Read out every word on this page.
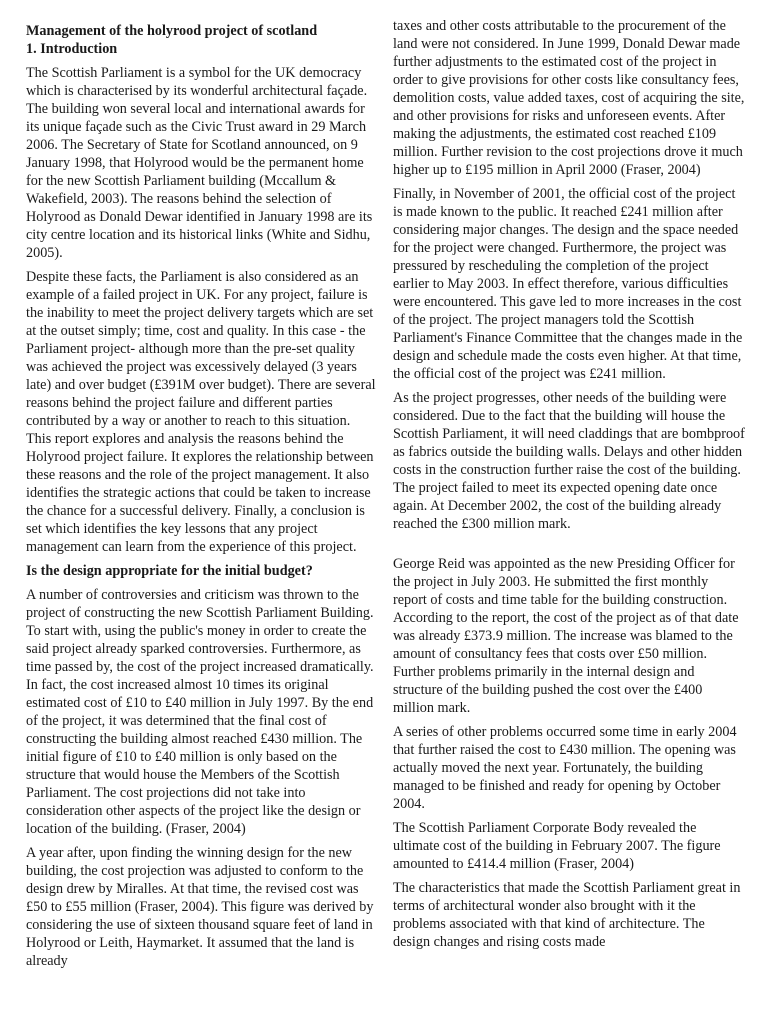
Management of the holyrood project of scotland

1. Introduction

The Scottish Parliament is a symbol for the UK democracy which is characterised by its wonderful architectural façade. The building won several local and international awards for its unique façade such as the Civic Trust award in 29 March 2006. The Secretary of State for Scotland announced, on 9 January 1998, that Holyrood would be the permanent home for the new Scottish Parliament building (Mccallum & Wakefield, 2003). The reasons behind the selection of Holyrood as Donald Dewar identified in January 1998 are its city centre location and its historical links (White and Sidhu, 2005).

Despite these facts, the Parliament is also considered as an example of a failed project in UK. For any project, failure is the inability to meet the project delivery targets which are set at the outset simply; time, cost and quality. In this case - the Parliament project- although more than the pre-set quality was achieved the project was excessively delayed (3 years late) and over budget (£391M over budget). There are several reasons behind the project failure and different parties contributed by a way or another to reach to this situation. This report explores and analysis the reasons behind the Holyrood project failure. It explores the relationship between these reasons and the role of the project management. It also identifies the strategic actions that could be taken to increase the chance for a successful delivery. Finally, a conclusion is set which identifies the key lessons that any project management can learn from the experience of this project.

Is the design appropriate for the initial budget?

A number of controversies and criticism was thrown to the project of constructing the new Scottish Parliament Building. To start with, using the public's money in order to create the said project already sparked controversies. Furthermore, as time passed by, the cost of the project increased dramatically. In fact, the cost increased almost 10 times its original estimated cost of £10 to £40 million in July 1997. By the end of the project, it was determined that the final cost of constructing the building almost reached £430 million. The initial figure of £10 to £40 million is only based on the structure that would house the Members of the Scottish Parliament. The cost projections did not take into consideration other aspects of the project like the design or location of the building. (Fraser, 2004)

A year after, upon finding the winning design for the new building, the cost projection was adjusted to conform to the design drew by Miralles. At that time, the revised cost was £50 to £55 million (Fraser, 2004). This figure was derived by considering the use of sixteen thousand square feet of land in Holyrood or Leith, Haymarket. It assumed that the land is already

taxes and other costs attributable to the procurement of the land were not considered. In June 1999, Donald Dewar made further adjustments to the estimated cost of the project in order to give provisions for other costs like consultancy fees, demolition costs, value added taxes, cost of acquiring the site, and other provisions for risks and unforeseen events. After making the adjustments, the estimated cost reached £109 million. Further revision to the cost projections drove it much higher up to £195 million in April 2000 (Fraser, 2004)

Finally, in November of 2001, the official cost of the project is made known to the public. It reached £241 million after considering major changes. The design and the space needed for the project were changed. Furthermore, the project was pressured by rescheduling the completion of the project earlier to May 2003. In effect therefore, various difficulties were encountered. This gave led to more increases in the cost of the project. The project managers told the Scottish Parliament's Finance Committee that the changes made in the design and schedule made the costs even higher. At that time, the official cost of the project was £241 million.

As the project progresses, other needs of the building were considered. Due to the fact that the building will house the Scottish Parliament, it will need claddings that are bombproof as fabrics outside the building walls. Delays and other hidden costs in the construction further raise the cost of the building. The project failed to meet its expected opening date once again. At December 2002, the cost of the building already reached the £300 million mark.

George Reid was appointed as the new Presiding Officer for the project in July 2003. He submitted the first monthly report of costs and time table for the building construction. According to the report, the cost of the project as of that date was already £373.9 million. The increase was blamed to the amount of consultancy fees that costs over £50 million. Further problems primarily in the internal design and structure of the building pushed the cost over the £400 million mark.

A series of other problems occurred some time in early 2004 that further raised the cost to £430 million. The opening was actually moved the next year. Fortunately, the building managed to be finished and ready for opening by October 2004.

The Scottish Parliament Corporate Body revealed the ultimate cost of the building in February 2007. The figure amounted to £414.4 million (Fraser, 2004)

The characteristics that made the Scottish Parliament great in terms of architectural wonder also brought with it the problems associated with that kind of architecture. The design changes and rising costs made
